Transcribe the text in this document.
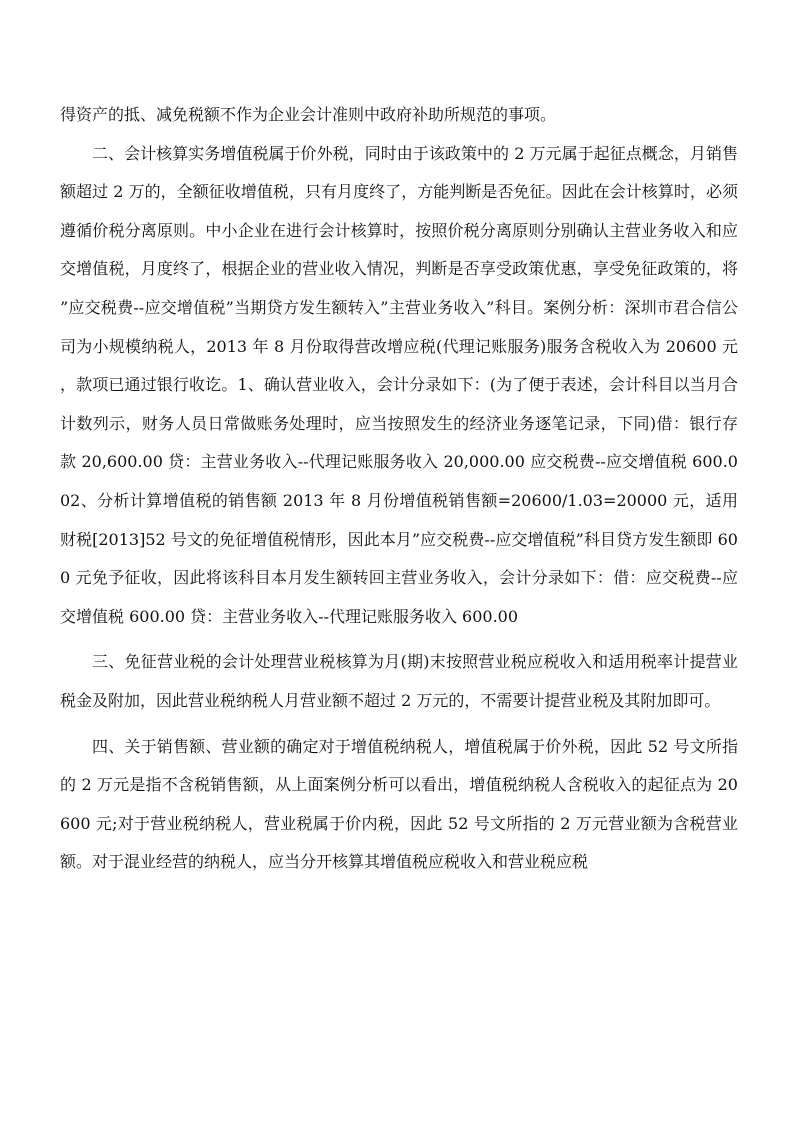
得资产的抵、减免税额不作为企业会计准则中政府补助所规范的事项。

二、会计核算实务增值税属于价外税，同时由于该政策中的 2 万元属于起征点概念，月销售额超过 2 万的，全额征收增值税，只有月度终了，方能判断是否免征。因此在会计核算时，必须遵循价税分离原则。中小企业在进行会计核算时，按照价税分离原则分别确认主营业务收入和应交增值税，月度终了，根据企业的营业收入情况，判断是否享受政策优惠，享受免征政策的，将”应交税费--应交增值税”当期贷方发生额转入”主营业务收入”科目。案例分析：深圳市君合信公司为小规模纳税人，2013 年 8 月份取得营改增应税(代理记账服务)服务含税收入为 20600 元，款项已通过银行收讫。1、确认营业收入，会计分录如下：(为了便于表述，会计科目以当月合计数列示，财务人员日常做账务处理时，应当按照发生的经济业务逐笔记录，下同)借：银行存款 20,600.00 贷：主营业务收入--代理记账服务收入 20,000.00 应交税费--应交增值税 600.002、分析计算增值税的销售额 2013 年 8 月份增值税销售额=20600/1.03=20000 元，适用财税[2013]52 号文的免征增值税情形，因此本月”应交税费--应交增值税”科目贷方发生额即 600 元免予征收，因此将该科目本月发生额转回主营业务收入，会计分录如下：借：应交税费--应交增值税 600.00 贷：主营业务收入--代理记账服务收入 600.00

三、免征营业税的会计处理营业税核算为月(期)末按照营业税应税收入和适用税率计提营业税金及附加，因此营业税纳税人月营业额不超过 2 万元的，不需要计提营业税及其附加即可。

四、关于销售额、营业额的确定对于增值税纳税人，增值税属于价外税，因此 52 号文所指的 2 万元是指不含税销售额，从上面案例分析可以看出，增值税纳税人含税收入的起征点为 20600 元;对于营业税纳税人，营业税属于价内税，因此 52 号文所指的 2 万元营业额为含税营业额。对于混业经营的纳税人，应当分开核算其增值税应税收入和营业税应税
